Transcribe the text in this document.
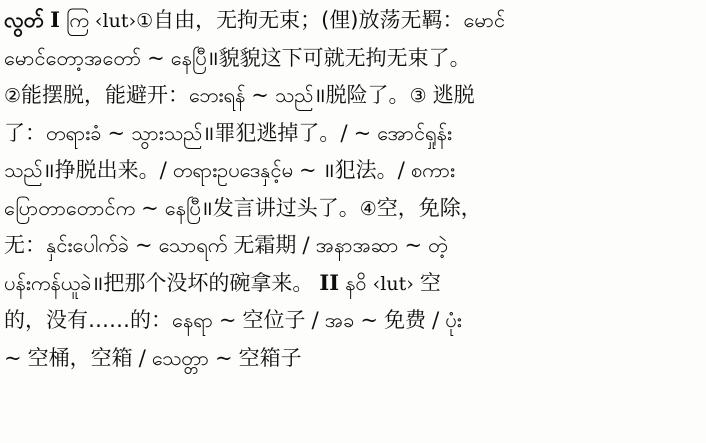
လွတ် I ကြ ‹lut›①自由，无拘无束；(俚)放荡无羁：မောင်
မောင်တော့အတော် ~ နေပြီ॥貌貌这下可就无拘无束了。
②能摆脱，能避开：ဘေးရန် ~ သည်॥脱险了。③ 逃脱
了：တရားခံ ~ သွားသည်॥罪犯逃掉了。/ ~ အောင်ရှုန်း
သည်॥挣脱出来。/ တရားဥပဒေနှင့်မ ~ ॥犯法。/ စကား
ပြောတာတောင်က ~ နေပြီ॥发言讲过头了。④空，免除，
无：နှင်းပေါက်ခဲ ~ သောရက် 无霜期 / အနာအဆာ ~ တဲ့
ပန်းကန်ယူခဲ॥把那个没坏的碗拿来。 II နဝိ ‹lut› 空
的，没有……的：နေရာ ~ 空位子 / အခ ~ 免费 / ပုံး
~ 空桶，空箱 / သေတ္တာ ~ 空箱子
